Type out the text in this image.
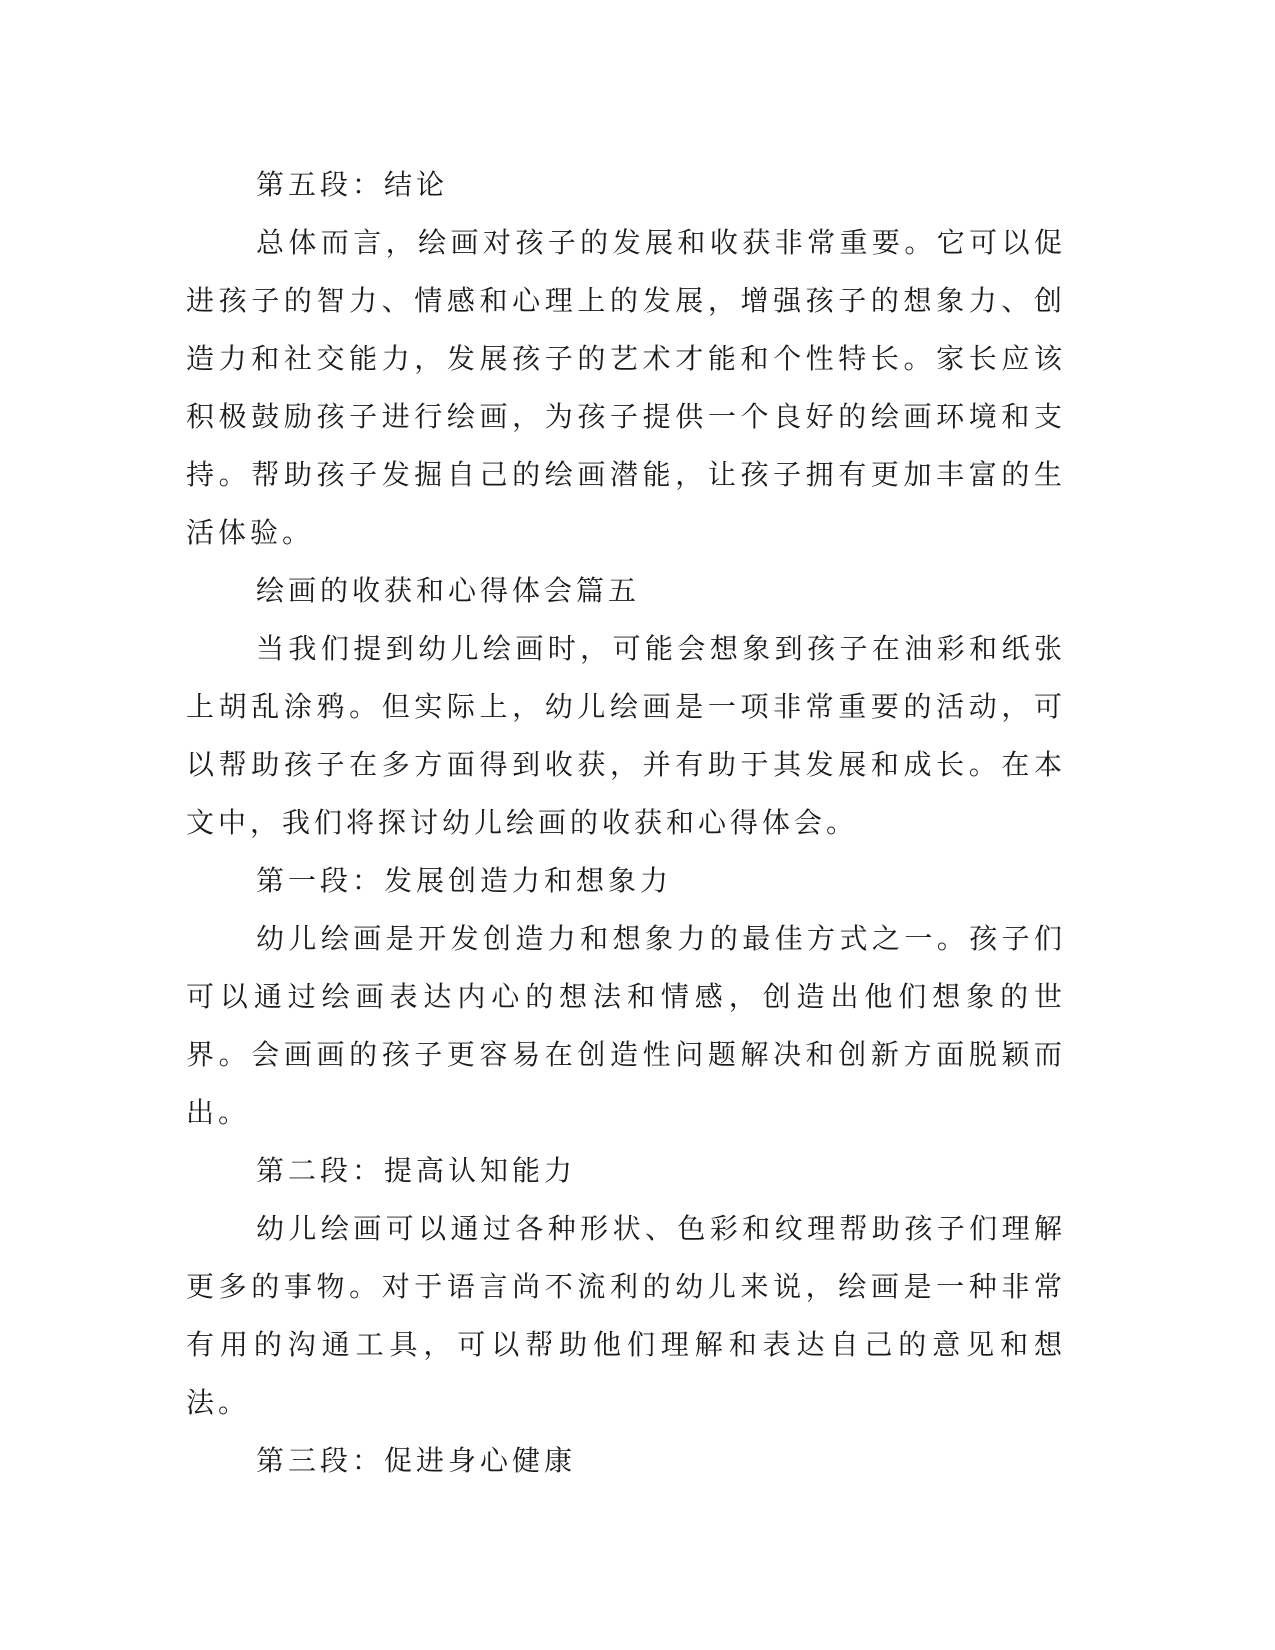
第五段：结论

总体而言，绘画对孩子的发展和收获非常重要。它可以促进孩子的智力、情感和心理上的发展，增强孩子的想象力、创造力和社交能力，发展孩子的艺术才能和个性特长。家长应该积极鼓励孩子进行绘画，为孩子提供一个良好的绘画环境和支持。帮助孩子发掘自己的绘画潜能，让孩子拥有更加丰富的生活体验。

绘画的收获和心得体会篇五

当我们提到幼儿绘画时，可能会想象到孩子在油彩和纸张上胡乱涂鸦。但实际上，幼儿绘画是一项非常重要的活动，可以帮助孩子在多方面得到收获，并有助于其发展和成长。在本文中，我们将探讨幼儿绘画的收获和心得体会。

第一段：发展创造力和想象力

幼儿绘画是开发创造力和想象力的最佳方式之一。孩子们可以通过绘画表达内心的想法和情感，创造出他们想象的世界。会画画的孩子更容易在创造性问题解决和创新方面脱颖而出。

第二段：提高认知能力

幼儿绘画可以通过各种形状、色彩和纹理帮助孩子们理解更多的事物。对于语言尚不流利的幼儿来说，绘画是一种非常有用的沟通工具，可以帮助他们理解和表达自己的意见和想法。

第三段：促进身心健康
